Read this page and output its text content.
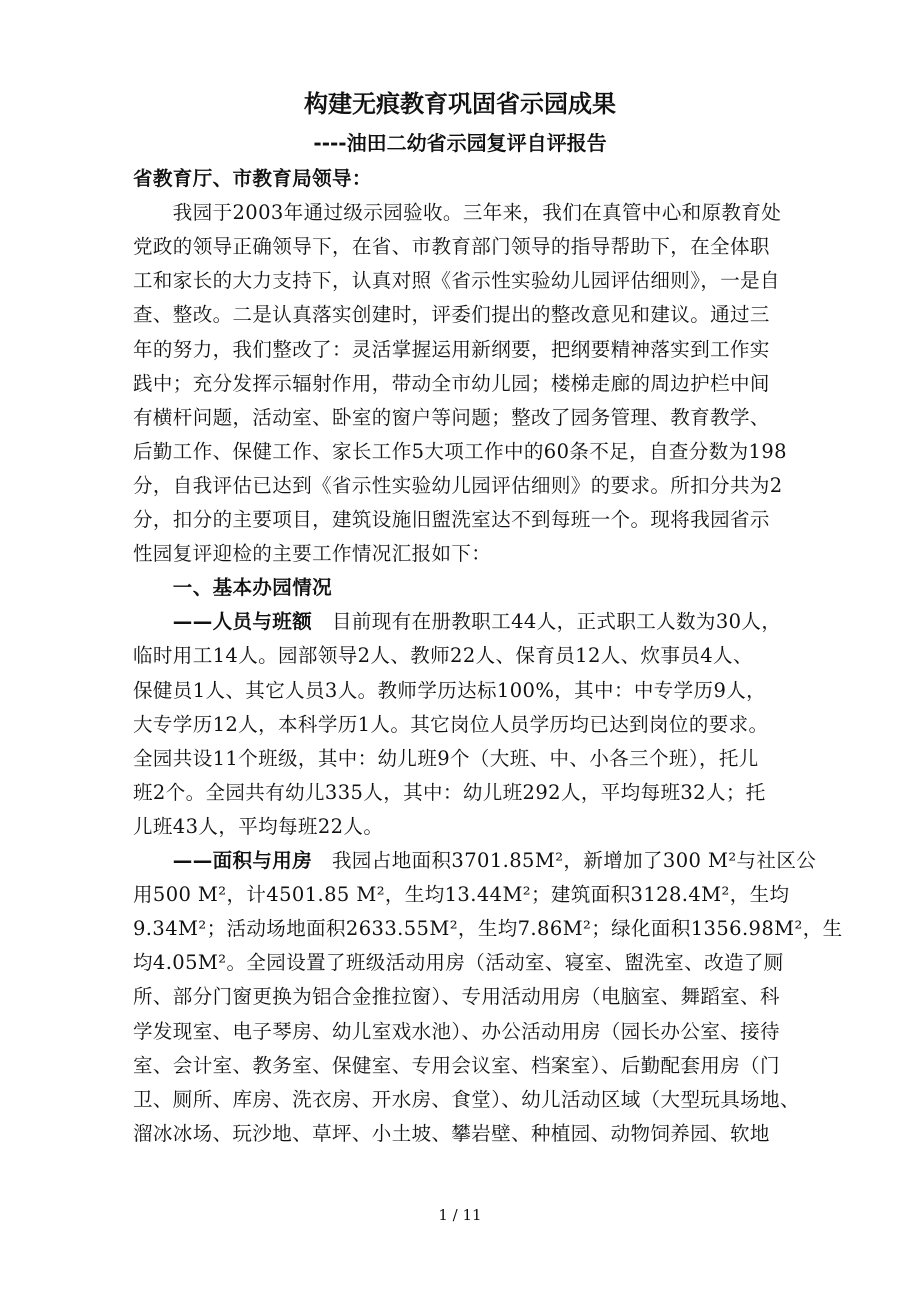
构建无痕教育巩固省示园成果
----油田二幼省示园复评自评报告
省教育厅、市教育局领导：
　　我园于2003年通过级示园验收。三年来，我们在真管中心和原教育处
党政的领导正确领导下，在省、市教育部门领导的指导帮助下，在全体职
工和家长的大力支持下，认真对照《省示性实验幼儿园评估细则》，一是自
查、整改。二是认真落实创建时，评委们提出的整改意见和建议。通过三
年的努力，我们整改了：灵活掌握运用新纲要，把纲要精神落实到工作实
践中；充分发挥示辐射作用，带动全市幼儿园；楼梯走廊的周边护栏中间
有横杆问题，活动室、卧室的窗户等问题；整改了园务管理、教育教学、
后勤工作、保健工作、家长工作5大项工作中的60条不足，自查分数为198
分，自我评估已达到《省示性实验幼儿园评估细则》的要求。所扣分共为2
分，扣分的主要项目，建筑设施旧盥洗室达不到每班一个。现将我园省示
性园复评迎检的主要工作情况汇报如下：
　　一、基本办园情况
　　——人员与班额　目前现有在册教职工44人，正式职工人数为30人，
临时用工14人。园部领导2人、教师22人、保育员12人、炊事员4人、
保健员1人、其它人员3人。教师学历达标100%，其中：中专学历9人，
大专学历12人，本科学历1人。其它岗位人员学历均已达到岗位的要求。
全园共设11个班级，其中：幼儿班9个（大班、中、小各三个班），托儿
班2个。全园共有幼儿335人，其中：幼儿班292人，平均每班32人；托
儿班43人，平均每班22人。
　　——面积与用房　我园占地面积3701.85M²，新增加了300 M²与社区公
用500 M²，计4501.85 M²，生均13.44M²；建筑面积3128.4M²，生均
9.34M²；活动场地面积2633.55M²，生均7.86M²；绿化面积1356.98M²，生
均4.05M²。全园设置了班级活动用房（活动室、寝室、盥洗室、改造了厕
所、部分门窗更换为铝合金推拉窗）、专用活动用房（电脑室、舞蹈室、科
学发现室、电子琴房、幼儿室戏水池）、办公活动用房（园长办公室、接待
室、会计室、教务室、保健室、专用会议室、档案室）、后勤配套用房（门
卫、厕所、库房、洗衣房、开水房、食堂）、幼儿活动区域（大型玩具场地、
溜冰冰场、玩沙地、草坪、小土坡、攀岩壁、种植园、动物饲养园、软地
1 / 11
